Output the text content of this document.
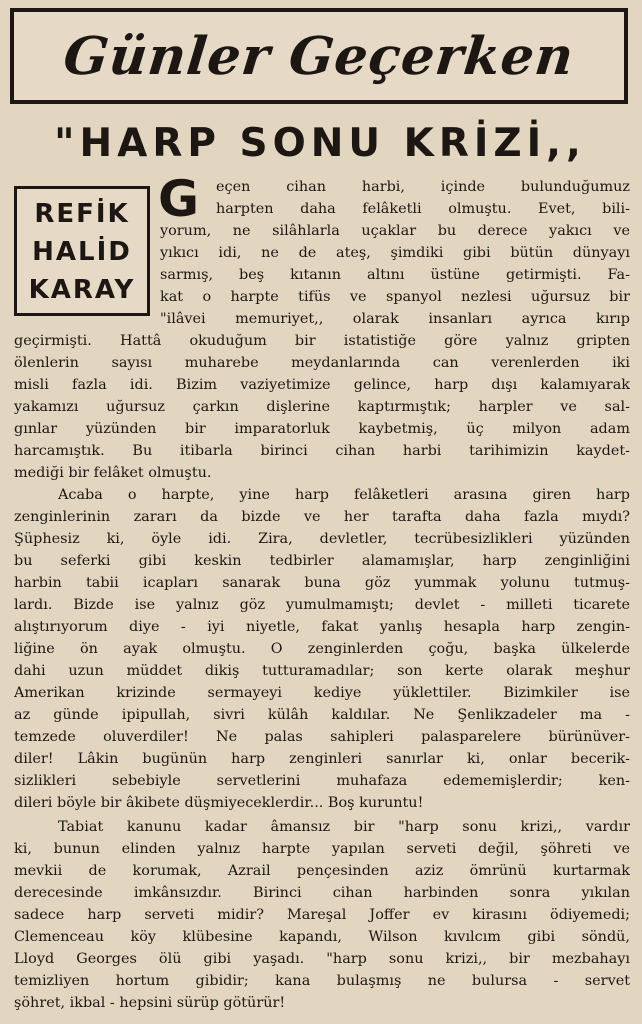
Günler Geçerken
"HARP SONU KRİZİ,,
REFİK
HALİD
KARAY
G eçen cihan harbi, içinde bulunduğumuz
harpten daha felâketli olmuştu. Evet, bili-
yorum, ne silâhlarla uçaklar bu derece yakıcı ve
yıkıcı idi, ne de ateş, şimdiki gibi bütün dünyayı
sarmış, beş kıtanın altını üstüne getirmişti. Fa-
kat o harpte tifüs ve spanyol nezlesi uğursuz bir
"ilâvei memuriyet,, olarak insanları ayrıca kırıp
geçirmişti. Hattâ okuduğum bir istatistiğe göre yalnız gripten
ölenlerin sayısı muharebe meydanlarında can verenlerden iki
misli fazla idi. Bizim vaziyetimize gelince, harp dışı kalamıyarak
yakamızı uğursuz çarkın dişlerine kaptırmıştık; harpler ve sal-
gınlar yüzünden bir imparatorluk kaybetmiş, üç milyon adam
harcamıştık. Bu itibarla birinci cihan harbi tarihimizin kaydet-
mediği bir felâket olmuştu.
Acaba o harpte, yine harp felâketleri arasına giren harp
zenginlerinin zararı da bizde ve her tarafta daha fazla mıydı?
Şüphesiz ki, öyle idi. Zira, devletler, tecrübesizlikleri yüzünden
bu seferki gibi keskin tedbirler alamamışlar, harp zenginliğini
harbin tabii icapları sanarak buna göz yummak yolunu tutmuş-
lardı. Bizde ise yalnız göz yumulmamıştı; devlet - milleti ticarete
alıştırıyorum diye - iyi niyetle, fakat yanlış hesapla harp zengin-
liğine ön ayak olmuştu. O zenginlerden çoğu, başka ülkelerde
dahi uzun müddet dikiş tutturamadılar; son kerte olarak meşhur
Amerikan krizinde sermayeyi kediye yüklettiler. Bizimkiler ise
az günde ipipullah, sivri külâh kaldılar. Ne Şenlikzadeler ma -
temzede oluverdiler! Ne palas sahipleri palasparelere bürünüver-
diler! Lâkin bugünün harp zenginleri sanırlar ki, onlar becerik-
sizlikleri sebebiyle servetlerini muhafaza edememişlerdir; ken-
dileri böyle bir âkibete düşmiyeceklerdir... Boş kuruntu!
Tabiat kanunu kadar âmansız bir "harp sonu krizi,, vardır
ki, bunun elinden yalnız harpte yapılan serveti değil, şöhreti ve
mevkii de korumak, Azrail pençesinden aziz ömrünü kurtarmak
derecesinde imkânsızdır. Birinci cihan harbinden sonra yıkılan
sadece harp serveti midir? Mareşal Joffer ev kirasını ödiyemedi;
Clemenceau köy klübesine kapandı, Wilson kıvılcım gibi söndü,
Lloyd Georges ölü gibi yaşadı. "harp sonu krizi,, bir mezbahayı
temizliyen hortum gibidir; kana bulaşmış ne bulursa - servet
şöhret, ikbal - hepsini sürüp götürür!
